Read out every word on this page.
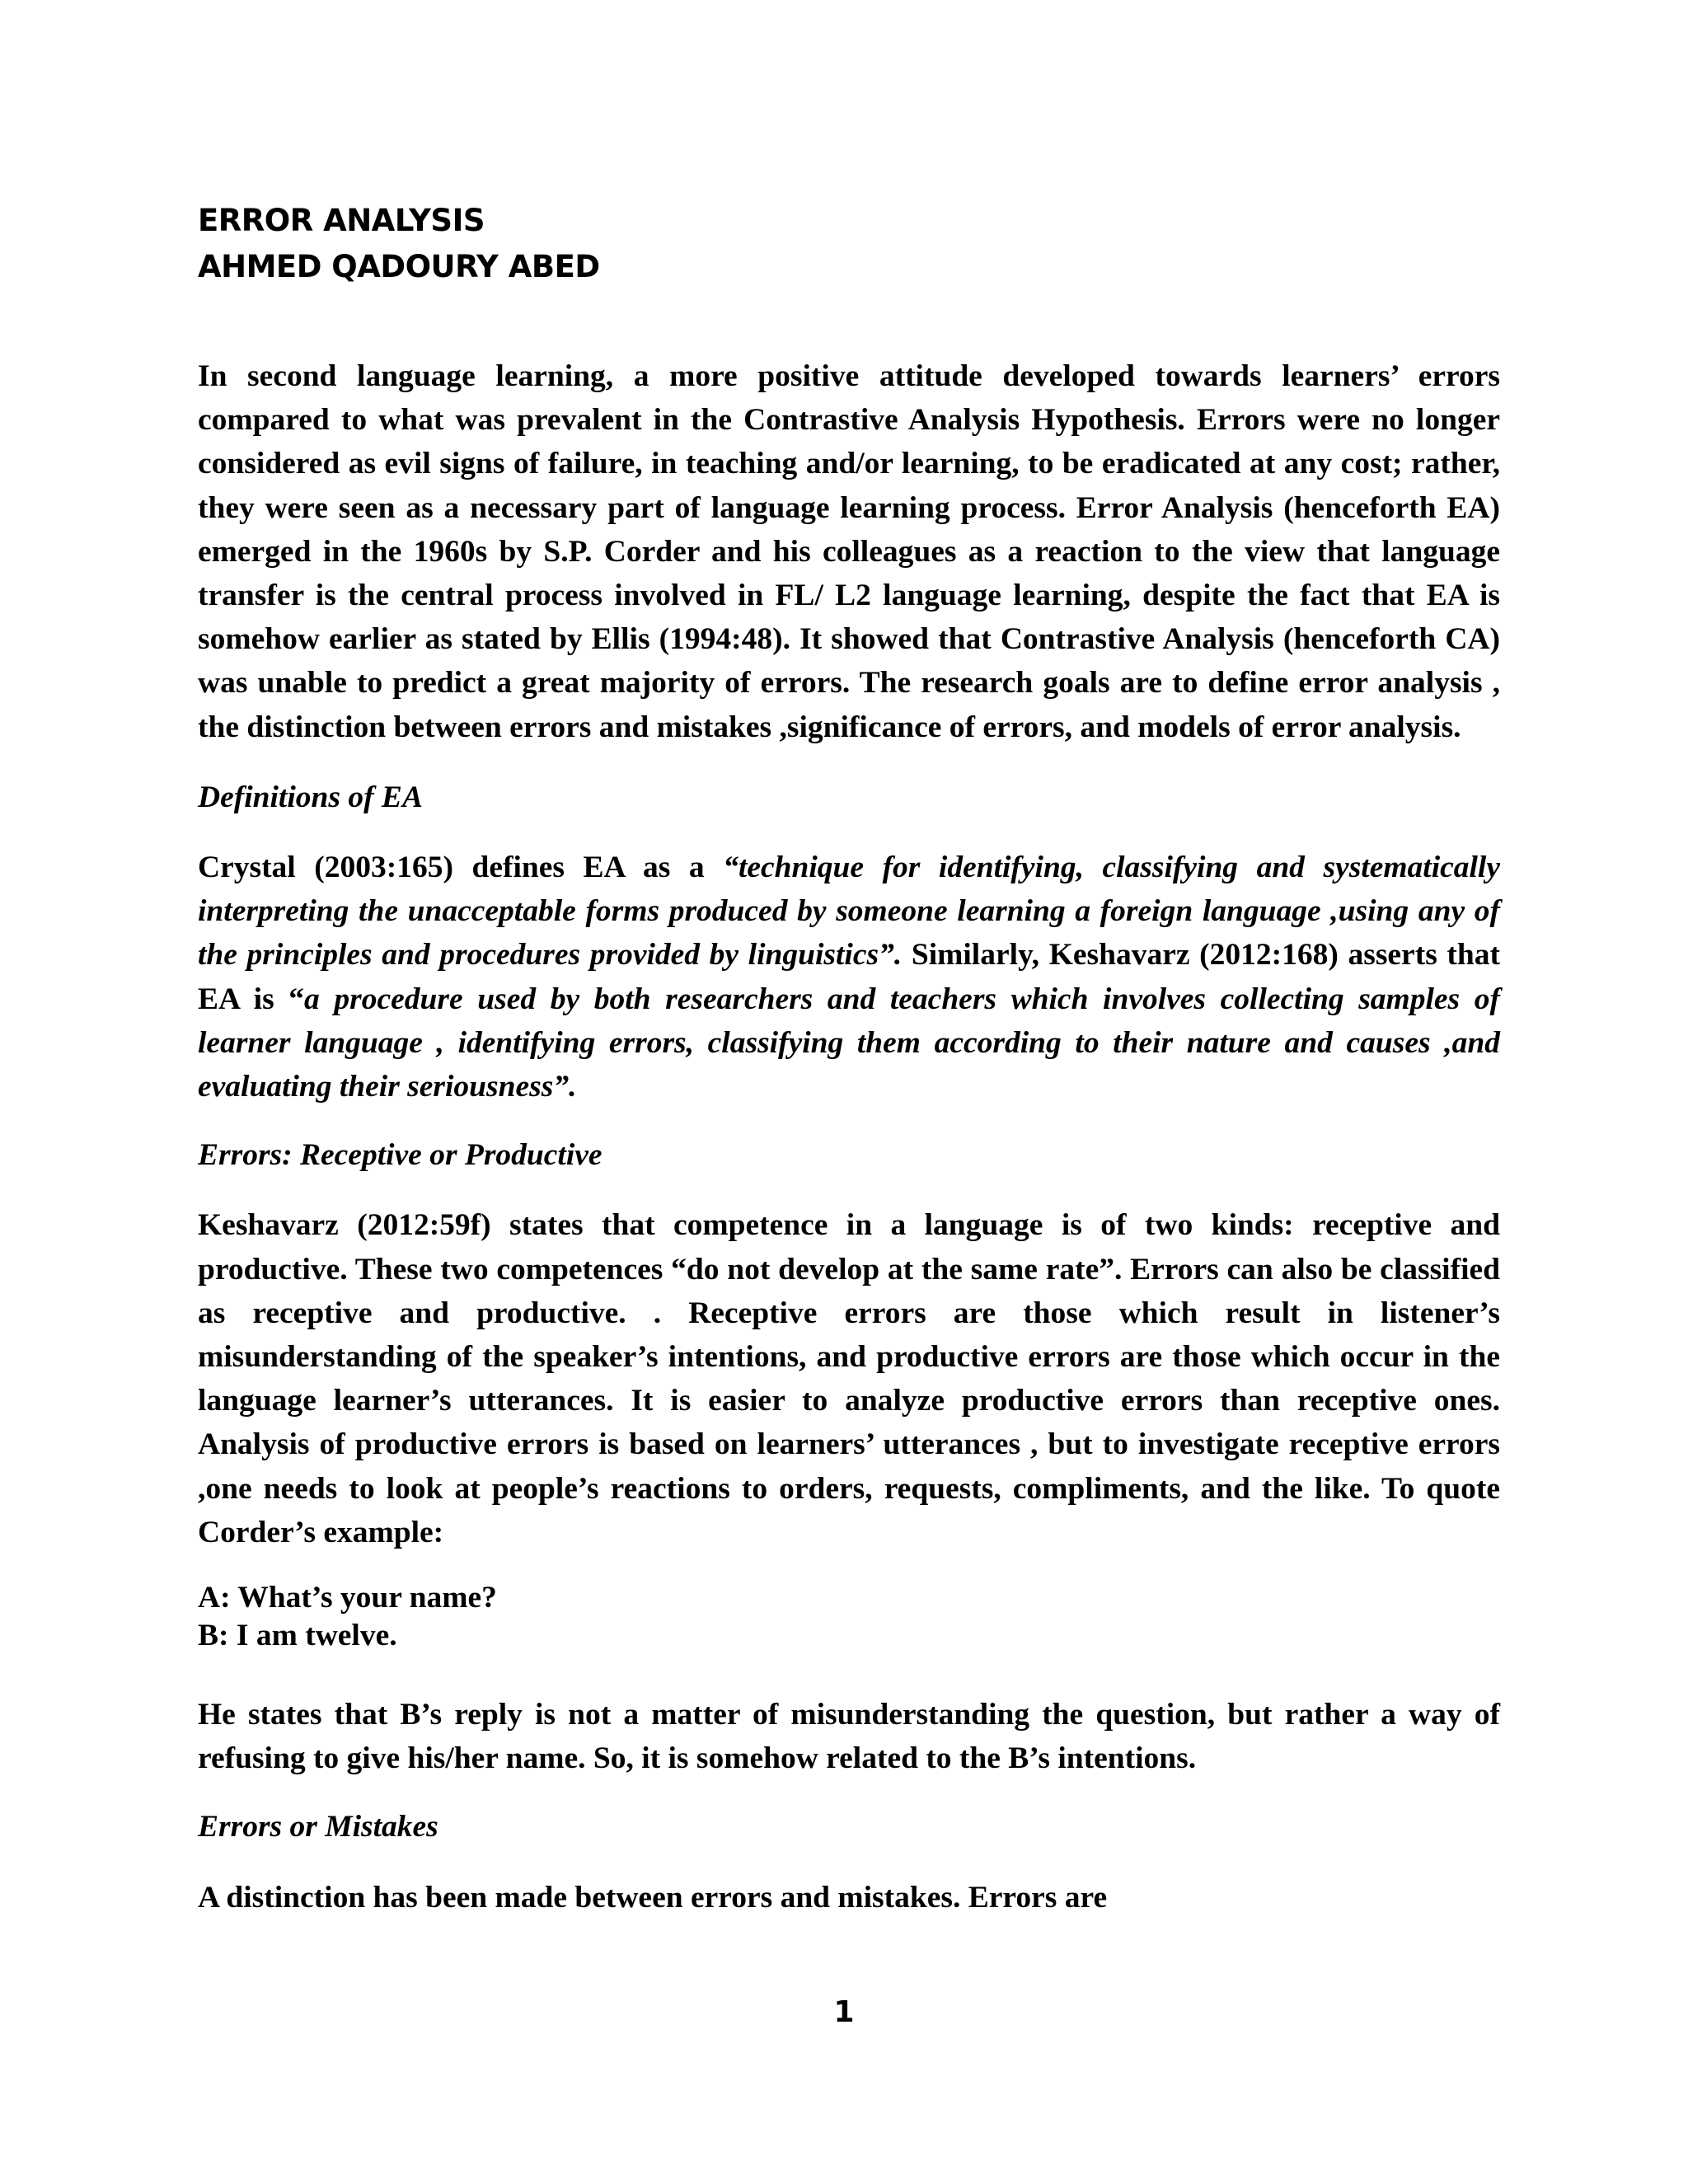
ERROR ANALYSIS
AHMED QADOURY ABED

In second language learning, a more positive attitude developed towards learners’ errors compared to what was prevalent in the Contrastive Analysis Hypothesis. Errors were no longer considered as evil signs of failure, in teaching and/or learning, to be eradicated at any cost; rather, they were seen as a necessary part of language learning process. Error Analysis (henceforth EA) emerged in the 1960s by S.P. Corder and his colleagues as a reaction to the view that language transfer is the central process involved in FL/ L2 language learning, despite the fact that EA is somehow earlier as stated by Ellis (1994:48). It showed that Contrastive Analysis (henceforth CA) was unable to predict a great majority of errors. The research goals are to define error analysis , the distinction between errors and mistakes ,significance of errors, and models of error analysis.

Definitions of EA

Crystal (2003:165) defines EA as a “technique for identifying, classifying and systematically interpreting the unacceptable forms produced by someone learning a foreign language ,using any of the principles and procedures provided by linguistics”. Similarly, Keshavarz (2012:168) asserts that EA is “a procedure used by both researchers and teachers which involves collecting samples of learner language , identifying errors, classifying them according to their nature and causes ,and evaluating their seriousness”.

Errors: Receptive or Productive

Keshavarz (2012:59f) states that competence in a language is of two kinds: receptive and productive. These two competences “do not develop at the same rate”. Errors can also be classified as receptive and productive. . Receptive errors are those which result in listener’s misunderstanding of the speaker’s intentions, and productive errors are those which occur in the language learner’s utterances. It is easier to analyze productive errors than receptive ones. Analysis of productive errors is based on learners’ utterances , but to investigate receptive errors ,one needs to look at people’s reactions to orders, requests, compliments, and the like. To quote Corder’s example:

A: What’s your name?
B: I am twelve.

He states that B’s reply is not a matter of misunderstanding the question, but rather a way of refusing to give his/her name. So, it is somehow related to the B’s intentions.

Errors or Mistakes

A distinction has been made between errors and mistakes. Errors are

1
